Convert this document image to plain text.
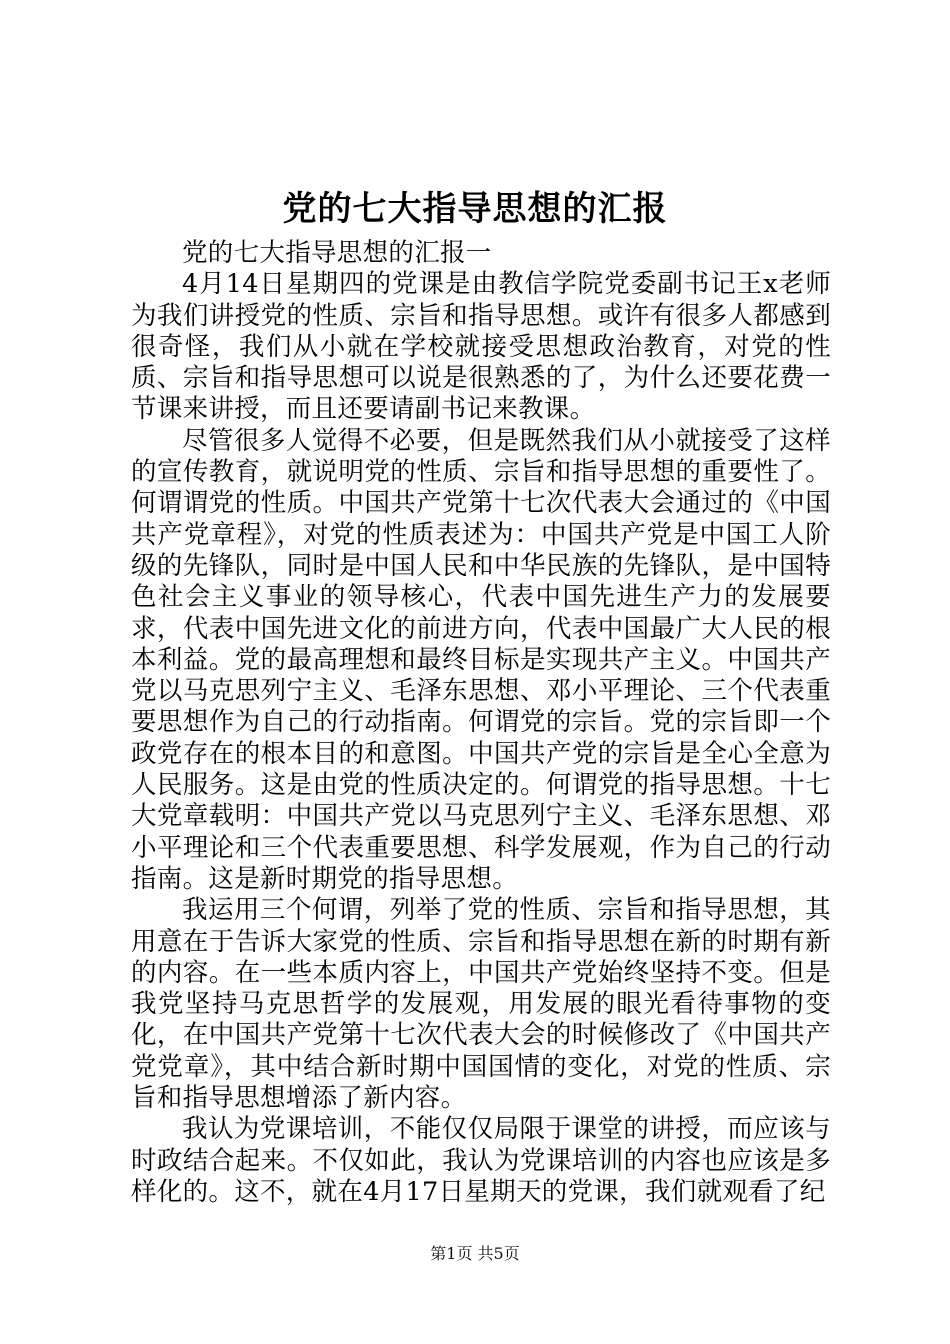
党的七大指导思想的汇报

党的七大指导思想的汇报一

4月14日星期四的党课是由教信学院党委副书记王x老师为我们讲授党的性质、宗旨和指导思想。或许有很多人都感到很奇怪，我们从小就在学校就接受思想政治教育，对党的性质、宗旨和指导思想可以说是很熟悉的了，为什么还要花费一节课来讲授，而且还要请副书记来教课。

尽管很多人觉得不必要，但是既然我们从小就接受了这样的宣传教育，就说明党的性质、宗旨和指导思想的重要性了。何谓谓党的性质。中国共产党第十七次代表大会通过的《中国共产党章程》，对党的性质表述为：中国共产党是中国工人阶级的先锋队，同时是中国人民和中华民族的先锋队，是中国特色社会主义事业的领导核心，代表中国先进生产力的发展要求，代表中国先进文化的前进方向，代表中国最广大人民的根本利益。党的最高理想和最终目标是实现共产主义。中国共产党以马克思列宁主义、毛泽东思想、邓小平理论、三个代表重要思想作为自己的行动指南。何谓党的宗旨。党的宗旨即一个政党存在的根本目的和意图。中国共产党的宗旨是全心全意为人民服务。这是由党的性质决定的。何谓党的指导思想。十七大党章载明：中国共产党以马克思列宁主义、毛泽东思想、邓小平理论和三个代表重要思想、科学发展观，作为自己的行动指南。这是新时期党的指导思想。

我运用三个何谓，列举了党的性质、宗旨和指导思想，其用意在于告诉大家党的性质、宗旨和指导思想在新的时期有新的内容。在一些本质内容上，中国共产党始终坚持不变。但是我党坚持马克思哲学的发展观，用发展的眼光看待事物的变化，在中国共产党第十七次代表大会的时候修改了《中国共产党党章》，其中结合新时期中国国情的变化，对党的性质、宗旨和指导思想增添了新内容。

我认为党课培训，不能仅仅局限于课堂的讲授，而应该与时政结合起来。不仅如此，我认为党课培训的内容也应该是多样化的。这不，就在4月17日星期天的党课，我们就观看了纪

第1页 共5页
